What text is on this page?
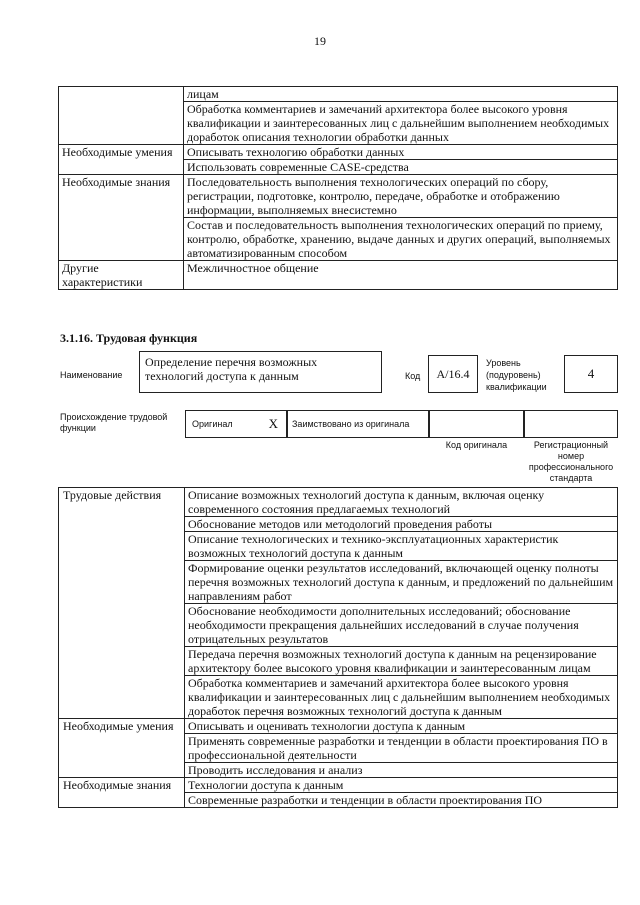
19
	лицам
	Обработка комментариев и замечаний архитектора более высокого уровня квалификации и заинтересованных лиц с дальнейшим выполнением необходимых доработок описания технологии обработки данных
Необходимые умения	Описывать технологию обработки данных
	Использовать современные CASE-средства
Необходимые знания	Последовательность выполнения технологических операций по сбору, регистрации, подготовке, контролю, передаче, обработке и отображению информации, выполняемых внесистемно
	Состав и последовательность выполнения технологических операций по приему, контролю, обработке, хранению, выдаче данных и других операций, выполняемых автоматизированным способом
Другие характеристики	Межличностное общение
3.1.16. Трудовая функция
Наименование
Определение перечня возможных технологий доступа к данным	Код	A/16.4
Уровень (подуровень) квалификации
4
Происхождение трудовой функции	Оригинал	X Заимствовано из оригинала
Код оригинала	Регистрационный номер профессионального стандарта
Трудовые действия	Описание возможных технологий доступа к данным, включая оценку современного состояния предлагаемых технологий
	Обоснование методов или методологий проведения работы
	Описание технологических и технико-эксплуатационных характеристик возможных технологий доступа к данным
	Формирование оценки результатов исследований, включающей оценку полноты перечня возможных технологий доступа к данным, и предложений по дальнейшим направлениям работ
	Обоснование необходимости дополнительных исследований; обоснование необходимости прекращения дальнейших исследований в случае получения отрицательных результатов
	Передача перечня возможных технологий доступа к данным на рецензирование архитектору более высокого уровня квалификации и заинтересованным лицам
	Обработка комментариев и замечаний архитектора более высокого уровня квалификации и заинтересованных лиц с дальнейшим выполнением необходимых доработок перечня возможных технологий доступа к данным
Необходимые умения	Описывать и оценивать технологии доступа к данным
	Применять современные разработки и тенденции в области проектирования ПО в профессиональной деятельности
	Проводить исследования и анализ
Необходимые знания	Технологии доступа к данным
	Современные разработки и тенденции в области проектирования ПО
